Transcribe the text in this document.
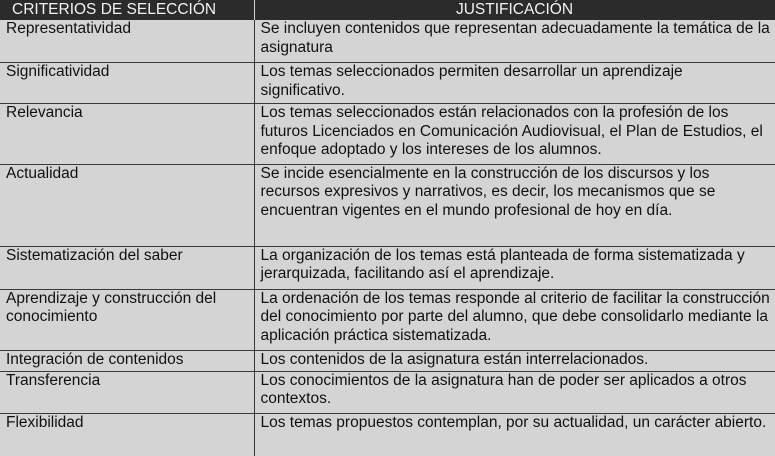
CRITERIOS DE SELECCIÓN	JUSTIFICACIÓN
Representatividad	Se incluyen contenidos que representan adecuadamente la temática de la asignatura
Significatividad	Los temas seleccionados permiten desarrollar un aprendizaje significativo.
Relevancia	Los temas seleccionados están relacionados con la profesión de los futuros Licenciados en Comunicación Audiovisual, el Plan de Estudios, el enfoque adoptado y los intereses de los alumnos.
Actualidad	Se incide esencialmente en la construcción de los discursos y los recursos expresivos y narrativos, es decir, los mecanismos que se encuentran vigentes en el mundo profesional de hoy en día.
Sistematización del saber	La organización de los temas está planteada de forma sistematizada y jerarquizada, facilitando así el aprendizaje.
Aprendizaje y construcción del conocimiento	La ordenación de los temas responde al criterio de facilitar la construcción del conocimiento por parte del alumno, que debe consolidarlo mediante la aplicación práctica sistematizada.
Integración de contenidos	Los contenidos de la asignatura están interrelacionados.
Transferencia	Los conocimientos de la asignatura han de poder ser aplicados a otros contextos.
Flexibilidad	Los temas propuestos contemplan, por su actualidad, un carácter abierto.
